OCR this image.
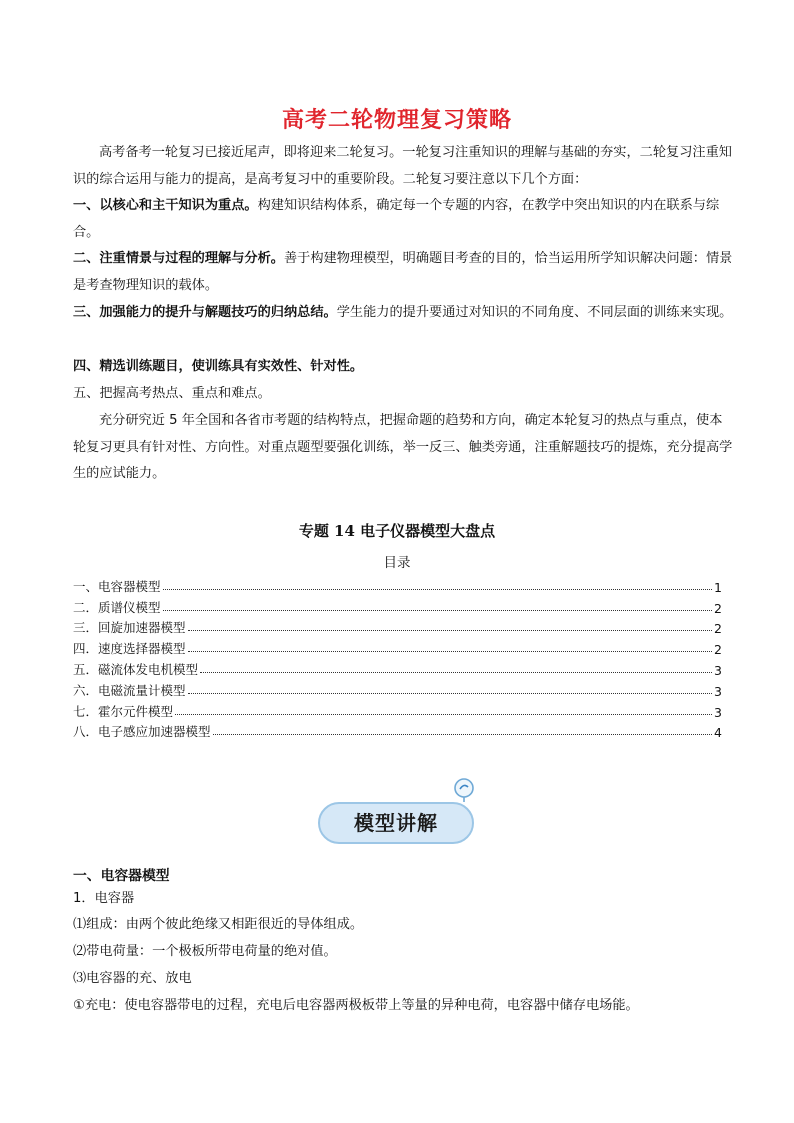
高考二轮物理复习策略
高考备考一轮复习已接近尾声，即将迎来二轮复习。一轮复习注重知识的理解与基础的夯实，二轮复习注重知识的综合运用与能力的提高，是高考复习中的重要阶段。二轮复习要注意以下几个方面：
一、以核心和主干知识为重点。构建知识结构体系，确定每一个专题的内容，在教学中突出知识的内在联系与综合。
二、注重情景与过程的理解与分析。善于构建物理模型，明确题目考查的目的，恰当运用所学知识解决问题：情景是考查物理知识的载体。
三、加强能力的提升与解题技巧的归纳总结。学生能力的提升要通过对知识的不同角度、不同层面的训练来实现。
四、精选训练题目，使训练具有实效性、针对性。
五、把握高考热点、重点和难点。
充分研究近 5 年全国和各省市考题的结构特点，把握命题的趋势和方向，确定本轮复习的热点与重点，使本轮复习更具有针对性、方向性。对重点题型要强化训练，举一反三、触类旁通，注重解题技巧的提炼，充分提高学生的应试能力。
专题 14 电子仪器模型大盘点
目录
一、电容器模型	1
二．质谱仪模型	2
三．回旋加速器模型	2
四．速度选择器模型	2
五．磁流体发电机模型	3
六．电磁流量计模型	3
七．霍尔元件模型	3
八．电子感应加速器模型	4
模型讲解
一、电容器模型
1．电容器
⑴组成：由两个彼此绝缘又相距很近的导体组成。
⑵带电荷量：一个极板所带电荷量的绝对值。
⑶电容器的充、放电
①充电：使电容器带电的过程，充电后电容器两极板带上等量的异种电荷，电容器中储存电场能。
